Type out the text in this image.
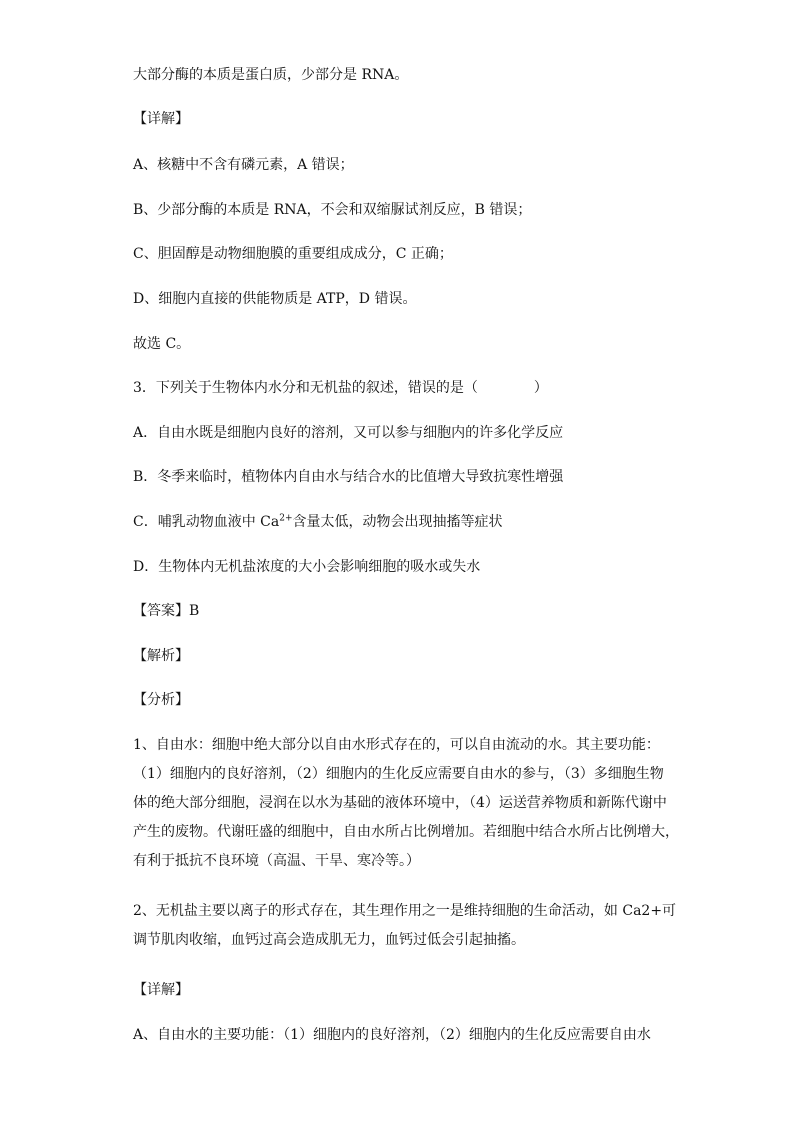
大部分酶的本质是蛋白质，少部分是 RNA。
【详解】
A、核糖中不含有磷元素，A 错误；
B、少部分酶的本质是 RNA，不会和双缩脲试剂反应，B 错误；
C、胆固醇是动物细胞膜的重要组成成分，C 正确；
D、细胞内直接的供能物质是 ATP，D 错误。
故选 C。
3．下列关于生物体内水分和无机盐的叙述，错误的是（　　　　）
A．自由水既是细胞内良好的溶剂，又可以参与细胞内的许多化学反应
B．冬季来临时，植物体内自由水与结合水的比值增大导致抗寒性增强
C．哺乳动物血液中 $Ca^{2+}$含量太低，动物会出现抽搐等症状
D．生物体内无机盐浓度的大小会影响细胞的吸水或失水
【答案】B
【解析】
【分析】
1、自由水：细胞中绝大部分以自由水形式存在的，可以自由流动的水。其主要功能：
（1）细胞内的良好溶剂，（2）细胞内的生化反应需要自由水的参与，（3）多细胞生物
体的绝大部分细胞，浸润在以水为基础的液体环境中，（4）运送营养物质和新陈代谢中
产生的废物。代谢旺盛的细胞中，自由水所占比例增加。若细胞中结合水所占比例增大，
有利于抵抗不良环境（高温、干旱、寒冷等。）
2、无机盐主要以离子的形式存在，其生理作用之一是维持细胞的生命活动，如 Ca2+可
调节肌肉收缩，血钙过高会造成肌无力，血钙过低会引起抽搐。
【详解】
A、自由水的主要功能：（1）细胞内的良好溶剂，（2）细胞内的生化反应需要自由水
